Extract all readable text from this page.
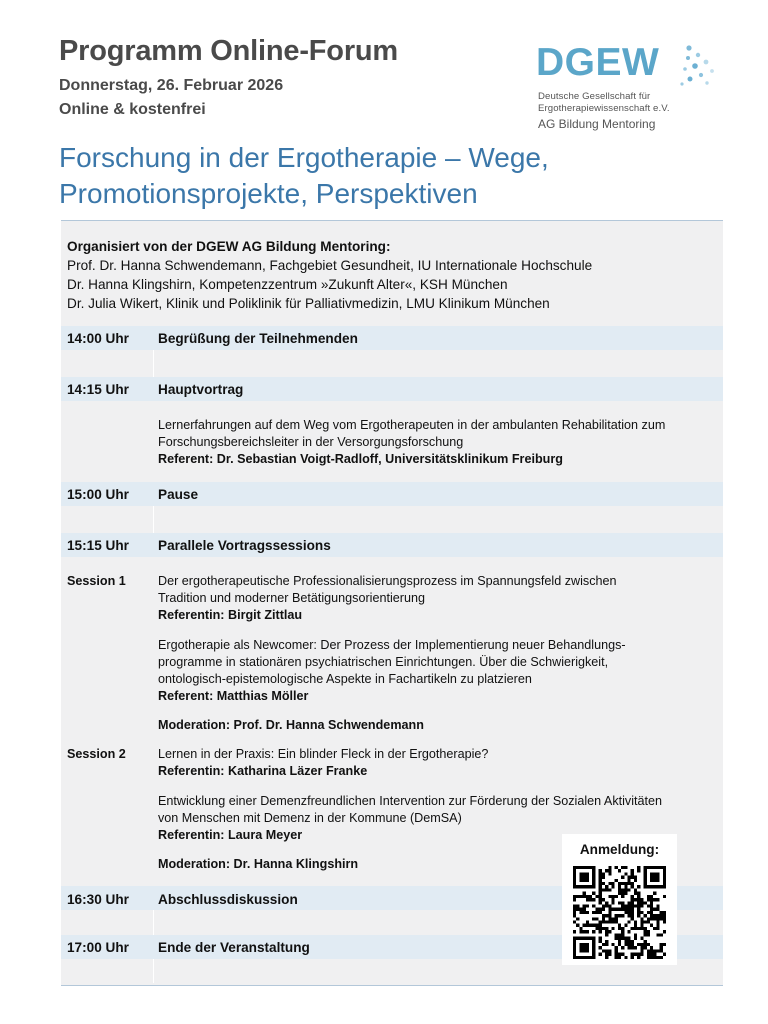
Programm Online-Forum
Donnerstag, 26. Februar 2026
Online & kostenfrei
DGEW
Deutsche Gesellschaft für
Ergotherapiewissenschaft e.V.
AG Bildung Mentoring
Forschung in der Ergotherapie – Wege,
Promotionsprojekte, Perspektiven
Organisiert von der DGEW AG Bildung Mentoring:
Prof. Dr. Hanna Schwendemann, Fachgebiet Gesundheit, IU Internationale Hochschule
Dr. Hanna Klingshirn, Kompetenzzentrum »Zukunft Alter«, KSH München
Dr. Julia Wikert, Klinik und Poliklinik für Palliativmedizin, LMU Klinikum München
14:00 Uhr Begrüßung der Teilnehmenden
14:15 Uhr Hauptvortrag
Lernerfahrungen auf dem Weg vom Ergotherapeuten in der ambulanten Rehabilitation zum
Forschungsbereichsleiter in der Versorgungsforschung
Referent: Dr. Sebastian Voigt-Radloff, Universitätsklinikum Freiburg
15:00 Uhr Pause
15:15 Uhr Parallele Vortragssessions
Session 1	Der ergotherapeutische Professionalisierungsprozess im Spannungsfeld zwischen
Tradition und moderner Betätigungsorientierung
Referentin: Birgit Zittlau
Ergotherapie als Newcomer: Der Prozess der Implementierung neuer Behandlungs-
programme in stationären psychiatrischen Einrichtungen. Über die Schwierigkeit,
ontologisch-epistemologische Aspekte in Fachartikeln zu platzieren
Referent: Matthias Möller
Moderation: Prof. Dr. Hanna Schwendemann
Session 2	Lernen in der Praxis: Ein blinder Fleck in der Ergotherapie?
Referentin: Katharina Läzer Franke
Entwicklung einer Demenzfreundlichen Intervention zur Förderung der Sozialen Aktivitäten
von Menschen mit Demenz in der Kommune (DemSA)
Referentin: Laura Meyer
Moderation: Dr. Hanna Klingshirn
16:30 Uhr Abschlussdiskussion
17:00 Uhr Ende der Veranstaltung
Anmeldung:
